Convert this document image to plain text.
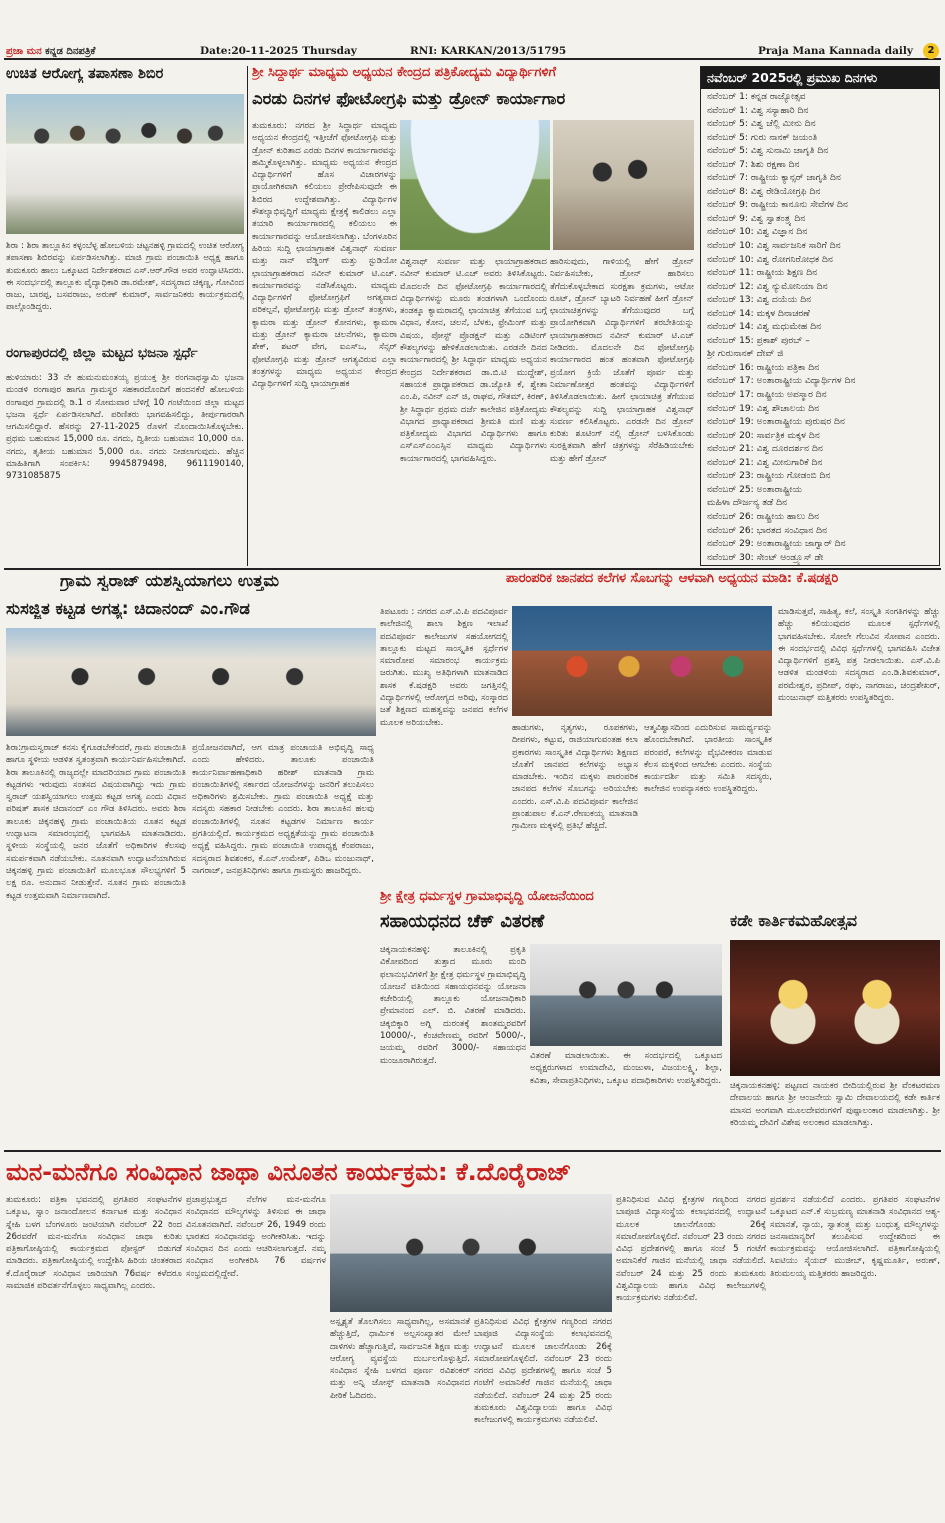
ಪ್ರಜಾ ಮನ ಕನ್ನಡ ದಿನಪತ್ರಿಕೆ	Date:20-11-2025 Thursday	RNI: KARKAN/2013/51795	Praja Mana Kannada daily	2
ಉಚಿತ ಆರೋಗ್ಯ ತಪಾಸಣಾ ಶಿಬಿರ
ಶಿರಾ : ಶಿರಾ ತಾಲ್ಲೂಕಿನ ಕಳ್ಳಂಬೆಳ್ಳ ಹೋಬಳಿಯ ಚಟ್ಟನಹಳ್ಳಿ ಗ್ರಾಮದಲ್ಲಿ ಉಚಿತ ಆರೋಗ್ಯ ತಪಾಸಣಾ ಶಿಬಿರವನ್ನು ಏರ್ಪಡಿಸಲಾಗಿತ್ತು. ಮಾಜಿ ಗ್ರಾಮ ಪಂಚಾಯಿತಿ ಅಧ್ಯಕ್ಷ ಹಾಗೂ ತುಮಕೂರು ಹಾಲು ಒಕ್ಕೂಟದ ನಿರ್ದೇಶಕರಾದ ಎಸ್.ಆರ್.ಗೌಡ ಅವರ ಉದ್ಘಾಟಿಸಿದರು. ಈ ಸಂದರ್ಭದಲ್ಲಿ ತಾಲ್ಲೂಕು ವೈದ್ಯಾಧಿಕಾರಿ ಡಾ.ರಮೇಶ್, ಸದಸ್ಯರಾದ ಚಿಕ್ಕಣ್ಣ, ಗೋವಿಂದ ರಾಜು, ಬಾರಪ್ಪ, ಬಸವರಾಜು, ಅರುಣ್ ಕುಮಾರ್, ಸಾರ್ವಜನಿಕರು ಕಾರ್ಯಕ್ರಮದಲ್ಲಿ ಪಾಲ್ಗೊಂಡಿದ್ದರು.
ರಂಗಾಪುರದಲ್ಲಿ ಜಿಲ್ಲಾ ಮಟ್ಟದ ಭಜನಾ ಸ್ಪರ್ಧೆ
ಹುಳಿಯಾರು: 33 ನೇ ಹುಮನುಮಂತಯ್ಯ ಪ್ರಯುಕ್ತ ಶ್ರೀ ರಂಗನಾಥಸ್ವಾಮಿ ಭಜನಾ ಮಂಡಳಿ ರಂಗಾಪುರ ಹಾಗೂ ಗ್ರಾಮಸ್ಥರ ಸಹಕಾರದೊಂದಿಗೆ ಹಂದನಕೆರೆ ಹೋಬಳಿಯ ರಂಗಾಪುರ ಗ್ರಾಮದಲ್ಲಿ ಡಿ.1 ರ ಸೋಮವಾರ ಬೆಳಿಗ್ಗೆ 10 ಗಂಟೆಯಿಂದ ಜಿಲ್ಲಾ ಮಟ್ಟದ ಭಜನಾ ಸ್ಪರ್ಧೆ ಏರ್ಪಡಿಸಲಾಗಿದೆ. ಪರಿಣಿತರು ಭಾಗವಹಿಸಲಿದ್ದು, ತೀರ್ಪುಗಾರರಾಗಿ ಆಗಮಿಸಲಿದ್ದಾರೆ. ಹೆಸರನ್ನು 27-11-2025 ರೊಳಗೆ ನೊಂದಾಯಿಸಿಕೊಳ್ಳಬೇಕು. ಪ್ರಥಮ ಬಹುಮಾನ 15,000 ರೂ. ನಗದು, ದ್ವಿತೀಯ ಬಹುಮಾನ 10,000 ರೂ. ನಗದು, ತೃತೀಯ ಬಹುಮಾನ 5,000 ರೂ. ನಗದು ನೀಡಲಾಗುವುದು. ಹೆಚ್ಚಿನ ಮಾಹಿತಿಗಾಗಿ ಸಂಪರ್ಕಿಸಿ: 9945879498, 9611190140, 9731085875
ಶ್ರೀ ಸಿದ್ಧಾರ್ಥ ಮಾಧ್ಯಮ ಅಧ್ಯಯನ ಕೇಂದ್ರದ ಪತ್ರಿಕೋದ್ಯಮ ವಿದ್ಯಾರ್ಥಿಗಳಿಗೆ
ಎರಡು ದಿನಗಳ ಫೋಟೋಗ್ರಫಿ ಮತ್ತು ಡ್ರೋನ್ ಕಾರ್ಯಾಗಾರ
ತುಮಕೂರು: ನಗರದ ಶ್ರೀ ಸಿದ್ಧಾರ್ಥ ಮಾಧ್ಯಮ ಅಧ್ಯಯನ ಕೇಂದ್ರದಲ್ಲಿ ಇತ್ತೀಚೆಗೆ ಫೋಟೋಗ್ರಫಿ ಮತ್ತು ಡ್ರೋನ್ ಕುರಿತಾದ ಎರಡು ದಿನಗಳ ಕಾರ್ಯಾಗಾರವನ್ನು ಹಮ್ಮಿಕೊಳ್ಳಲಾಗಿತ್ತು. ಮಾಧ್ಯಮ ಅಧ್ಯಯನ ಕೇಂದ್ರದ ವಿದ್ಯಾರ್ಥಿಗಳಿಗೆ ಹೊಸ ವಿಚಾರಗಳನ್ನು ಪ್ರಾಯೋಗಿಕವಾಗಿ ಕಲಿಯಲು ಪ್ರೇರೇಪಿಸುವುದೇ ಈ ಶಿಬಿರದ ಉದ್ದೇಶವಾಗಿತ್ತು. ವಿದ್ಯಾರ್ಥಿಗಳ ಕೌಶಲ್ಯಾಭಿವೃದ್ಧಿಗೆ ಮಾಧ್ಯಮ ಕ್ಷೇತ್ರಕ್ಕೆ ಕಾಲಿಡಲು ಎಲ್ಲಾ ತಯಾರಿ ಕಾರ್ಯಾಗಾರದಲ್ಲಿ ಕಲಿಯಲು ಈ ಕಾರ್ಯಾಗಾರವನ್ನು ಆಯೋಜಿಸಲಾಗಿತ್ತು. ಬೆಂಗಳೂರಿನ ಹಿರಿಯ ಸುದ್ದಿ ಛಾಯಾಗ್ರಾಹಕ ವಿಶ್ವನಾಥ್ ಸುವರ್ಣ ಮತ್ತು ನಾನ್ ವೆಡ್ಡಿಂಗ್ ಮತ್ತು ಸ್ಟುಡಿಯೋ ಛಾಯಾಗ್ರಾಹಕರಾದ ನವೀನ್ ಕುಮಾರ್ ಟಿ.ಎಚ್. ಕಾರ್ಯಾಗಾರವನ್ನು ನಡೆಸಿಕೊಟ್ಟರು. ಮಾಧ್ಯಮ ವಿದ್ಯಾರ್ಥಿಗಳಿಗೆ ಫೋಟೋಗ್ರಫಿಗೆ ಅಗತ್ಯವಾದ ಪರಿಕಲ್ಪನೆ, ಫೋಟೋಗ್ರಫಿ ಮತ್ತು ಡ್ರೋನ್ ತಂತ್ರಗಳು, ಕ್ಯಾಮರಾ ಮತ್ತು ಡ್ರೋನ್ ಕೋನಗಳು, ಕ್ಯಾಮರಾ ಮತ್ತು ಡ್ರೋನ್ ಕ್ಯಾಮರಾ ಚಲನೆಗಳು, ಕ್ಯಾಮರಾ ಶೇಕ್, ಶಟರ್ ವೇಗ, ಐಎಸ್ಒ, ಸೆನ್ಸರ್ ಫೋಟೋಗ್ರಫಿ ಮತ್ತು ಡ್ರೋನ್ ಆಗತ್ಯವಿರುವ ಎಲ್ಲಾ ತಂತ್ರಗಳನ್ನು ಮಾಧ್ಯಮ ಅಧ್ಯಯನ ಕೇಂದ್ರದ ವಿದ್ಯಾರ್ಥಿಗಳಿಗೆ ಸುದ್ದಿ ಛಾಯಾಗ್ರಾಹಕ
ವಿಶ್ವನಾಥ್ ಸುವರ್ಣ ಮತ್ತು ಛಾಯಾಗ್ರಾಹಕರಾದ ನವೀನ್ ಕುಮಾರ್ ಟಿ.ಎಚ್ ಅವರು ತಿಳಿಸಿಕೊಟ್ಟರು. ಮೊದಲನೇ ದಿನ ಫೋಟೋಗ್ರಫಿ ಕಾರ್ಯಾಗಾರದಲ್ಲಿ ವಿದ್ಯಾರ್ಥಿಗಳನ್ನು ಮೂರು ತಂಡಗಳಾಗಿ ಒಂದೊಂದು ತಂಡಕ್ಕೂ ಕ್ಯಾಮರಾದಲ್ಲಿ ಛಾಯಾಚಿತ್ರ ತೆಗೆಯುವ ಬಗ್ಗೆ ವಿಧಾನ, ಕೋನ, ಚಲನೆ, ಬೆಳಕು, ಫ್ರೇಮಿಂಗ್ ಮತ್ತು ವಿಷಯ, ಪೋಸ್ಟ್ ಪ್ರೊಡಕ್ಷನ್ ಮತ್ತು ಎಡಿಟಿಂಗ್ ಕೌಶಲ್ಯಗಳನ್ನು ಹೇಳಿಕೊಡಲಾಯಿತು. ಎರಡನೇ ದಿನದ ಕಾರ್ಯಾಗಾರದಲ್ಲಿ ಶ್ರೀ ಸಿದ್ಧಾರ್ಥ ಮಾಧ್ಯಮ ಅಧ್ಯಯನ ಕೇಂದ್ರದ ನಿರ್ದೇಶಕರಾದ ಡಾ.ಬಿ.ಟಿ ಮುದ್ದೇಶ್, ಸಹಾಯಕ ಪ್ರಾಧ್ಯಾಪಕರಾದ ಡಾ.ಜ್ಯೋತಿ ಕೆ, ಶ್ವೇತಾ ಎಂ.ಪಿ, ನವೀನ್ ಎನ್ ಜಿ, ರಾಘವ, ಗೌತಮ್, ಕಿರಣ್, ಶ್ರೀ ಸಿದ್ಧಾರ್ಥ ಪ್ರಥಮ ದರ್ಜೆ ಕಾಲೇಜಿನ ಪತ್ರಿಕೋದ್ಯಮ ವಿಭಾಗದ ಪ್ರಾಧ್ಯಾಪಕರಾದ ಶ್ರೀಮತಿ ಮಣಿ ಮತ್ತು ಪತ್ರಿಕೋದ್ಯಮ ವಿಭಾಗದ ವಿದ್ಯಾರ್ಥಿಗಳು ಹಾಗೂ ಎಸ್ಎಸ್ಎಂಎಸ್ಸಿನ ಮಾಧ್ಯಮ ವಿದ್ಯಾರ್ಥಿಗಳು ಕಾರ್ಯಾಗಾರದಲ್ಲಿ ಭಾಗವಹಿಸಿದ್ದರು.
ಹಾರಿಸುವುದು, ಗಾಳಿಯಲ್ಲಿ ಹೇಗೆ ಡ್ರೋನ್ ನಿರ್ವಹಿಸಬೇಕು, ಡ್ರೋನ್ ಹಾರಿಸಲು ತೆಗೆದುಕೊಳ್ಳಬೇಕಾದ ಸುರಕ್ಷತಾ ಕ್ರಮಗಳು, ಆಟೋ ರೂಟ್, ಡ್ರೋನ್ ಬ್ಯಾಟರಿ ನಿರ್ವಹಣೆ ಹೀಗೆ ಡ್ರೋನ್ ಛಾಯಾಚಿತ್ರಗಳನ್ನು ತೆಗೆಯುವುದರ ಬಗ್ಗೆ ಪ್ರಾಯೋಗಿಕವಾಗಿ ವಿದ್ಯಾರ್ಥಿಗಳಿಗೆ ತರಬೇತಿಯನ್ನು ಛಾಯಾಗ್ರಾಹಕರಾದ ನವೀನ್ ಕುಮಾರ್ ಟಿ.ಎಚ್ ನೀಡಿದರು. ಮೊದಲನೇ ದಿನ ಫೋಟೋಗ್ರಫಿ ಕಾರ್ಯಾಗಾರದ ಹಂತ ಹಂತವಾಗಿ ಫೋಟೋಗ್ರಫಿ ಪ್ರಯೋಗ ಕ್ರಿಯೆ ಜೊತೆಗೆ ಪೂರ್ವ ಮತ್ತು ನಿರ್ಮಾಣೋತ್ತರ ಹಂತವನ್ನು ವಿದ್ಯಾರ್ಥಿಗಳಿಗೆ ತಿಳಿಸಿಕೊಡಲಾಯಿತು. ಹೀಗೆ ಛಾಯಾಚಿತ್ರ ತೆಗೆಯುವ ಕೌಶಲ್ಯವನ್ನು ಸುದ್ದಿ ಛಾಯಾಗ್ರಾಹಕ ವಿಶ್ವನಾಥ್ ಸುವರ್ಣ ಕಲಿಸಿಕೊಟ್ಟರು. ಎರಡನೇ ದಿನ ಡ್ರೋನ್ ಕುರಿತು ಶೂಟಿಂಗ್ ನಲ್ಲಿ ಡ್ರೋನ್ ಬಳಸಿಕೊಂಡು ಸುರಕ್ಷಿತವಾಗಿ ಹೇಗೆ ಚಿತ್ರಗಳನ್ನು ಸೆರೆಹಿಡಿಯಬೇಕು ಮತ್ತು ಹೇಗೆ ಡ್ರೋನ್
ನವೆಂಬರ್ 2025ರಲ್ಲಿ ಪ್ರಮುಖ ದಿನಗಳು
ನವೆಂಬರ್ 1: ಕನ್ನಡ ರಾಜ್ಯೋತ್ಸವ
ನವೆಂಬರ್ 1: ವಿಶ್ವ ಸಸ್ಯಾಹಾರಿ ದಿನ
ನವೆಂಬರ್ 5: ವಿಶ್ವ ಚೆಲ್ಲಿ ಮೀನು ದಿನ
ನವೆಂಬರ್ 5: ಗುರು ನಾನಕ್ ಜಯಂತಿ
ನವೆಂಬರ್ 5: ವಿಶ್ವ ಸುನಾಮಿ ಜಾಗೃತಿ ದಿನ
ನವೆಂಬರ್ 7: ಶಿಶು ರಕ್ಷಣಾ ದಿನ
ನವೆಂಬರ್ 7: ರಾಷ್ಟ್ರೀಯ ಕ್ಯಾನ್ಸರ್ ಜಾಗೃತಿ ದಿನ
ನವೆಂಬರ್ 8: ವಿಶ್ವ ರೇಡಿಯೋಗ್ರಫಿ ದಿನ
ನವೆಂಬರ್ 9: ರಾಷ್ಟ್ರೀಯ ಕಾನೂನು ಸೇವೆಗಳ ದಿನ
ನವೆಂಬರ್ 9: ವಿಶ್ವ ಸ್ವಾತಂತ್ರ್ಯ ದಿನ
ನವೆಂಬರ್ 10: ವಿಶ್ವ ವಿಜ್ಞಾನ ದಿನ
ನವೆಂಬರ್ 10: ವಿಶ್ವ ಸಾರ್ವಜನಿಕ ಸಾರಿಗೆ ದಿನ
ನವೆಂಬರ್ 10: ವಿಶ್ವ ರೋಗನಿರೋಧಕ ದಿನ
ನವೆಂಬರ್ 11: ರಾಷ್ಟ್ರೀಯ ಶಿಕ್ಷಣ ದಿನ
ನವೆಂಬರ್ 12: ವಿಶ್ವ ನ್ಯುಮೋನಿಯಾ ದಿನ
ನವೆಂಬರ್ 13: ವಿಶ್ವ ದಯೆಯ ದಿನ
ನವೆಂಬರ್ 14: ಮಕ್ಕಳ ದಿನಾಚರಣೆ
ನವೆಂಬರ್ 14: ವಿಶ್ವ ಮಧುಮೇಹ ದಿನ
ನವೆಂಬರ್ 15: ಪ್ರಕಾಶ್ ಪುರಬ್ –
ಶ್ರೀ ಗುರುನಾನಕ್ ದೇವ್ ಜಿ
ನವೆಂಬರ್ 16: ರಾಷ್ಟ್ರೀಯ ಪತ್ರಿಕಾ ದಿನ
ನವೆಂಬರ್ 17: ಅಂತಾರಾಷ್ಟ್ರೀಯ ವಿದ್ಯಾರ್ಥಿಗಳ ದಿನ
ನವೆಂಬರ್ 17: ರಾಷ್ಟ್ರೀಯ ಅಪಸ್ಮಾರ ದಿನ
ನವೆಂಬರ್ 19: ವಿಶ್ವ ಶೌಚಾಲಯ ದಿನ
ನವೆಂಬರ್ 19: ಅಂತಾರಾಷ್ಟ್ರೀಯ ಪುರುಷರ ದಿನ
ನವೆಂಬರ್ 20: ಸಾರ್ವತ್ರಿಕ ಮಕ್ಕಳ ದಿನ
ನವೆಂಬರ್ 21: ವಿಶ್ವ ದೂರದರ್ಶನ ದಿನ
ನವೆಂಬರ್ 21: ವಿಶ್ವ ಮೀನುಗಾರಿಕೆ ದಿನ
ನವೆಂಬರ್ 23: ರಾಷ್ಟ್ರೀಯ ಗೋಡಂಬಿ ದಿನ
ನವೆಂಬರ್ 25: ಅಂತಾರಾಷ್ಟ್ರೀಯ
ಮಹಿಳಾ ದೌರ್ಜನ್ಯ ತಡೆ ದಿನ
ನವೆಂಬರ್ 26: ರಾಷ್ಟ್ರೀಯ ಹಾಲು ದಿನ
ನವೆಂಬರ್ 26: ಭಾರತದ ಸಂವಿಧಾನ ದಿನ
ನವೆಂಬರ್ 29: ಅಂತಾರಾಷ್ಟ್ರೀಯ ಜಾಗ್ವಾರ್ ದಿನ
ನವೆಂಬರ್ 30: ಸೇಂಟ್ ಆಂಡ್ರ್ಯೂಸ್ ಡೇ
ಗ್ರಾಮ ಸ್ವರಾಜ್ ಯಶಸ್ವಿಯಾಗಲು ಉತ್ತಮ
ಸುಸಜ್ಜಿತ ಕಟ್ಟಡ ಅಗತ್ಯ: ಚಿದಾನಂದ್ ಎಂ.ಗೌಡ
ಶಿರಾ:ಗ್ರಾಮಸ್ವರಾಜ್ ಕನಸು ಕೈಗೂಡಬೇಕೆಂದರೆ, ಗ್ರಾಮ ಪಂಚಾಯಿತಿ ಹಾಗೂ ಸ್ಥಳೀಯ ಆಡಳಿತ ಸ್ವತಂತ್ರವಾಗಿ ಕಾರ್ಯನಿರ್ವಹಿಸಬೇಕಾಗಿದೆ. ಶಿರಾ ತಾಲೂಕಿನಲ್ಲಿ ರಾಜ್ಯದಲ್ಲೇ ಮಾದರಿಯಾದ ಗ್ರಾಮ ಪಂಚಾಯಿತಿ ಕಟ್ಟಡಗಳು ಇರುವುದು ಸಂತಸದ ವಿಷಯವಾಗಿದ್ದು ಇದು ಗ್ರಾಮ ಸ್ವರಾಜ್ ಯಶಸ್ವಿಯಾಗಲು ಉತ್ತಮ ಕಟ್ಟಡ ಅಗತ್ಯ ಎಂದು ವಿಧಾನ ಪರಿಷತ್ ಶಾಸಕ ಚಿದಾನಂದ್ ಎಂ ಗೌಡ ತಿಳಿಸಿದರು. ಅವರು ಶಿರಾ ತಾಲೂಕು ಚಿಕ್ಕನಹಳ್ಳಿ ಗ್ರಾಮ ಪಂಚಾಯಿತಿಯ ನೂತನ ಕಟ್ಟಡ ಉದ್ಘಾಟನಾ ಸಮಾರಂಭದಲ್ಲಿ ಭಾಗವಹಿಸಿ ಮಾತನಾಡಿದರು. ಸ್ಥಳೀಯ ಸಂಸ್ಥೆಯಲ್ಲಿ ಜನರ ಜೊತೆಗೆ ಅಧಿಕಾರಿಗಳ ಕೆಲಸವು ಸಮರ್ಪಕವಾಗಿ ನಡೆಯಬೇಕು. ನೂತನವಾಗಿ ಉದ್ಘಾಟನೆಯಾಗಿರುವ ಚಿಕ್ಕನಹಳ್ಳಿ ಗ್ರಾಮ ಪಂಚಾಯಿತಿಗೆ ಮೂಲಭೂತ ಸೌಲಭ್ಯಗಳಿಗೆ 5 ಲಕ್ಷ ರೂ. ಅನುದಾನ ನೀಡುತ್ತೇನೆ. ನೂತನ ಗ್ರಾಮ ಪಂಚಾಯಿತಿ ಕಟ್ಟಡ ಉತ್ತಮವಾಗಿ ನಿರ್ಮಾಣವಾಗಿದೆ.
ಪ್ರಯೋಜನವಾಗಿದೆ, ಆಗ ಮಾತ್ರ ಪಂಚಾಯತಿ ಅಭಿವೃದ್ಧಿ ಸಾಧ್ಯ ಎಂದು ಹೇಳಿದರು. ತಾಲೂಕು ಪಂಚಾಯಿತಿ ಕಾರ್ಯನಿರ್ವಾಹಣಾಧಿಕಾರಿ ಹರೀಶ್ ಮಾತನಾಡಿ ಗ್ರಾಮ ಪಂಚಾಯಿತಿಗಳಲ್ಲಿ ಸರ್ಕಾರದ ಯೋಜನೆಗಳನ್ನು ಜನರಿಗೆ ತಲುಪಿಸಲು ಅಧಿಕಾರಿಗಳು ಶ್ರಮಿಸಬೇಕು. ಗ್ರಾಮ ಪಂಚಾಯಿತಿ ಅಧ್ಯಕ್ಷೆ ಮತ್ತು ಸದಸ್ಯರು ಸಹಕಾರ ನೀಡಬೇಕು ಎಂದರು. ಶಿರಾ ತಾಲೂಕಿನ ಹಲವು ಪಂಚಾಯಿತಿಗಳಲ್ಲಿ ನೂತನ ಕಟ್ಟಡಗಳ ನಿರ್ಮಾಣ ಕಾರ್ಯ ಪ್ರಗತಿಯಲ್ಲಿದೆ. ಕಾರ್ಯಕ್ರಮದ ಅಧ್ಯಕ್ಷತೆಯನ್ನು ಗ್ರಾಮ ಪಂಚಾಯಿತಿ ಅಧ್ಯಕ್ಷೆ ವಹಿಸಿದ್ದರು. ಗ್ರಾಮ ಪಂಚಾಯಿತಿ ಉಪಾಧ್ಯಕ್ಷ ಕೆಂಪರಾಜು, ಸದಸ್ಯರಾದ ಶಿವಶಂಕರ, ಕೆ.ಎನ್.ಉಮೇಶ್, ಪಿಡಿಒ ಮಂಜುನಾಥ್, ನಾಗರಾಜ್, ಜನಪ್ರತಿನಿಧಿಗಳು ಹಾಗೂ ಗ್ರಾಮಸ್ಥರು ಹಾಜರಿದ್ದರು.
ಪಾರಂಪರಿಕ ಜಾನಪದ ಕಲೆಗಳ ಸೊಬಗನ್ನು ಆಳವಾಗಿ ಅಧ್ಯಯನ ಮಾಡಿ: ಕೆ.ಷಡಕ್ಷರಿ
ತಿಪಟೂರು : ನಗರದ ಎಸ್.ವಿ.ಪಿ ಪದವಿಪೂರ್ವ ಕಾಲೇಜಿನಲ್ಲಿ ಶಾಲಾ ಶಿಕ್ಷಣ ಇಲಾಖೆ ಪದವಿಪೂರ್ವ ಕಾಲೇಜುಗಳ ಸಹಯೋಗದಲ್ಲಿ ತಾಲ್ಲೂಕು ಮಟ್ಟದ ಸಾಂಸ್ಕೃತಿಕ ಸ್ಪರ್ಧೆಗಳ ಸಮಾರೋಪ ಸಮಾರಂಭ ಕಾರ್ಯಕ್ರಮ ಜರುಗಿತು. ಮುಖ್ಯ ಅತಿಥಿಗಳಾಗಿ ಮಾತನಾಡಿದ ಶಾಸಕ ಕೆ.ಷಡಕ್ಷರಿ ಅವರು ಜಗತ್ತಿನಲ್ಲಿ ವಿದ್ಯಾರ್ಥಿಗಳಲ್ಲಿ ಆರೋಗ್ಯದ ಅರಿವು, ಸಂಸ್ಕಾರದ ಜತೆ ಶಿಕ್ಷಣದ ಮಹತ್ವವನ್ನು ಜನಪದ ಕಲೆಗಳ ಮೂಲಕ ಅರಿಯಬೇಕು.
ಹಾಡುಗಳು, ನೃತ್ಯಗಳು, ರೂಪಕಗಳು, ದೀಪಗಳು, ಕಟ್ಟುವ, ರಾಜಿಯಾಗುವಂತಹ ಕಲಾ ಪ್ರಕಾರಗಳು ಸಾಂಸ್ಕೃತಿಕ ವಿದ್ಯಾರ್ಥಿಗಳು ಶಿಕ್ಷಣದ ಜೊತೆಗೆ ಜಾನಪದ ಕಲೆಗಳನ್ನು ಅಭ್ಯಾಸ ಮಾಡಬೇಕು. ಇಂದಿನ ಮಕ್ಕಳು ಪಾರಂಪರಿಕ ಜಾನಪದ ಕಲೆಗಳ ಸೊಬಗನ್ನು ಅರಿಯಬೇಕು ಎಂದರು. ಎಸ್.ವಿ.ಪಿ ಪದವಿಪೂರ್ವ ಕಾಲೇಜಿನ ಪ್ರಾಂಶುಪಾಲ ಕೆ.ಎನ್.ರೇಣುಕಯ್ಯ ಮಾತನಾಡಿ ಗ್ರಾಮೀಣ ಮಕ್ಕಳಲ್ಲಿ ಪ್ರತಿಭೆ ಹೆಚ್ಚಿದೆ.
ಆತ್ಮವಿಶ್ವಾಸದಿಂದ ಎದುರಿಸುವ ಸಾಮರ್ಥ್ಯವನ್ನು ಹೊಂದಬೇಕಾಗಿದೆ. ಭಾರತೀಯ ಸಾಂಸ್ಕೃತಿಕ ಪರಂಪರೆ, ಕಲೆಗಳನ್ನು ವೈಭವೀಕರಣ ಮಾಡುವ ಕೆಲಸ ಮಕ್ಕಳಿಂದ ಆಗಬೇಕು ಎಂದರು. ಸಂಸ್ಥೆಯ ಕಾರ್ಯದರ್ಶಿ ಮತ್ತು ಸಮಿತಿ ಸದಸ್ಯರು, ಕಾಲೇಜಿನ ಉಪನ್ಯಾಸಕರು ಉಪಸ್ಥಿತರಿದ್ದರು.
ಮಾಡಿಸುತ್ತವೆ, ಸಾಹಿತ್ಯ, ಕಲೆ, ಸಂಸ್ಕೃತಿ ಸಂಗತಿಗಳನ್ನು ಹೆಚ್ಚು ಹೆಚ್ಚು ಕಲಿಯುವುದರ ಮೂಲಕ ಸ್ಪರ್ಧೆಗಳಲ್ಲಿ ಭಾಗವಹಿಸಬೇಕು. ಸೋಲೇ ಗೆಲುವಿನ ಸೋಪಾನ ಎಂದರು. ಈ ಸಂದರ್ಭದಲ್ಲಿ ವಿವಿಧ ಸ್ಪರ್ಧೆಗಳಲ್ಲಿ ಭಾಗವಹಿಸಿ ವಿಜೇತ ವಿದ್ಯಾರ್ಥಿಗಳಿಗೆ ಪ್ರಶಸ್ತಿ ಪತ್ರ ನೀಡಲಾಯಿತು. ಎಸ್.ವಿ.ಪಿ ಆಡಳಿತ ಮಂಡಳಿಯ ಸದಸ್ಯರಾದ ಎಂ.ಡಿ.ಶಿವಕುಮಾರ್, ಪರಮೇಶ್ವರ, ಪ್ರದೀಪ್, ರಘು, ನಾಗರಾಜು, ಚಂದ್ರಶೇಖರ್, ಮಂಜುನಾಥ್ ಮತ್ತಿತರರು ಉಪಸ್ಥಿತರಿದ್ದರು.
ಶ್ರೀ ಕ್ಷೇತ್ರ ಧರ್ಮಸ್ಥಳ ಗ್ರಾಮಾಭಿವೃದ್ಧಿ ಯೋಜನೆಯಿಂದ
ಸಹಾಯಧನದ ಚೆಕ್ ವಿತರಣೆ
ಚಿಕ್ಕನಾಯಕನಹಳ್ಳಿ: ತಾಲೂಕಿನಲ್ಲಿ ಪ್ರಕೃತಿ ವಿಕೋಪದಿಂದ ತುತ್ತಾದ ಮೂರು ಮಂದಿ ಫಲಾನುಭವಿಗಳಿಗೆ ಶ್ರೀ ಕ್ಷೇತ್ರ ಧರ್ಮಸ್ಥಳ ಗ್ರಾಮಾಭಿವೃದ್ಧಿ ಯೋಜನೆ ವತಿಯಿಂದ ಸಹಾಯಧನವನ್ನು ಯೋಜನಾ ಕಚೇರಿಯಲ್ಲಿ ತಾಲ್ಲೂಕು ಯೋಜನಾಧಿಕಾರಿ ಪ್ರೇಮಾನಂದ ಎಲ್. ಬಿ. ವಿತರಣೆ ಮಾಡಿದರು. ಚಿಕ್ಕಬಿಕ್ಕಾರಿ ಅಗ್ನಿ ದುರಂತಕ್ಕೆ ಶಾಂತಮ್ಮರವರಿಗೆ 10000/-, ಕೆಂಚವೇಣಮ್ಮ ರವರಿಗೆ 5000/-, ಜಯಮ್ಮ ರವರಿಗೆ 3000/- ಸಹಾಯಧನ ಮಂಜೂರಾಗಿರುತ್ತದೆ.	ವಿತರಣೆ ಮಾಡಲಾಯಿತು. ಈ ಸಂದರ್ಭದಲ್ಲಿ ಒಕ್ಕೂಟದ ಅಧ್ಯಕ್ಷರುಗಳಾದ ಉಮಾದೇವಿ, ಮಂಜುಳಾ, ವಿಜಯಲಕ್ಷ್ಮಿ, ಶಿಲ್ಪಾ, ಕವಿತಾ, ಸೇವಾಪ್ರತಿನಿಧಿಗಳು, ಒಕ್ಕೂಟ ಪದಾಧಿಕಾರಿಗಳು ಉಪಸ್ಥಿತರಿದ್ದರು.
ಕಡೇ ಕಾರ್ತಿಕಮಹೋತ್ಸವ
ಚಿಕ್ಕನಾಯಕನಹಳ್ಳಿ: ಪಟ್ಟಣದ ನಾಯಕರ ಬೀದಿಯಲ್ಲಿರುವ ಶ್ರೀ ವೆಂಕಟರಮಣ ದೇವಾಲಯ ಹಾಗೂ ಶ್ರೀ ಆಂಜನೇಯ ಸ್ವಾಮಿ ದೇವಾಲಯದಲ್ಲಿ ಕಡೇ ಕಾರ್ತಿಕ ಮಾಸದ ಅಂಗವಾಗಿ ಮೂಲದೇವರುಗಳಿಗೆ ಪುಷ್ಪಾಲಂಕಾರ ಮಾಡಲಾಗಿತ್ತು. ಶ್ರೀ ಕರಿಯಮ್ಮ ದೇವಿಗೆ ವಿಶೇಷ ಅಲಂಕಾರ ಮಾಡಲಾಗಿತ್ತು.
ಮನ-ಮನೆಗೂ ಸಂವಿಧಾನ ಜಾಥಾ ವಿನೂತನ ಕಾರ್ಯಕ್ರಮ: ಕೆ.ದೊರೈರಾಜ್
ತುಮಕೂರು: ಪತ್ರಿಕಾ ಭವನದಲ್ಲಿ ಪ್ರಗತಿಪರ ಸಂಘಟನೆಗಳ ಒಕ್ಕೂಟ, ಸ್ವಾಂ ಜನಾಂದೋಲನ ಕರ್ನಾಟಕ ಮತ್ತು ಸಂವಿಧಾನ ಸ್ನೇಹಿ ಬಳಗ ಬೆಂಗಳೂರು ಜಂಟಿಯಾಗಿ ನವೆಂಬರ್ 22 ರಿಂದ 26ರವರೆಗೆ ಮನ-ಮನೆಗೂ ಸಂವಿಧಾನ ಜಾಥಾ ಕುರಿತು ಪತ್ರಿಕಾಗೋಷ್ಠಿಯಲ್ಲಿ ಕಾರ್ಯಕ್ರಮದ ಪೋಸ್ಟರ್ ಬಿಡುಗಡೆ ಮಾಡಿದರು. ಪತ್ರಿಕಾಗೋಷ್ಠಿಯಲ್ಲಿ ಉದ್ದೇಶಿಸಿ ಹಿರಿಯ ಚಿಂತಕರಾದ ಕೆ.ದೊರೈರಾಜ್ ಸಂವಿಧಾನ ಜಾರಿಯಾಗಿ 76ವರ್ಷ ಕಳೆದರೂ ಸಾಮಾಜಿಕ ಪರಿವರ್ತನೆಗೊಳ್ಳಲು ಸಾಧ್ಯವಾಗಿಲ್ಲ ಎಂದರು.
ಪ್ರಜಾಪ್ರಭುತ್ವದ ನೆಲೆಗಳ ಮನ-ಮನೆಗೂ ಸಂವಿಧಾನದ ಮೌಲ್ಯಗಳನ್ನು ತಿಳಿಸುವ ಈ ಜಾಥಾ ವಿನೂತನವಾಗಿದೆ. ನವೆಂಬರ್ 26, 1949 ರಂದು ಭಾರತದ ಸಂವಿಧಾನವನ್ನು ಅಂಗೀಕರಿಸಿತು. ಇದನ್ನು ಸಂವಿಧಾನ ದಿನ ಎಂದು ಆಚರಿಸಲಾಗುತ್ತದೆ. ನಮ್ಮ ಸಂವಿಧಾನ ಅಂಗೀಕರಿಸಿ 76 ವರ್ಷಗಳ ಸಂಭ್ರಮದಲ್ಲಿದ್ದೇವೆ.
ಅಸ್ಪೃಶ್ಯತೆ ತೊಲಗಿಸಲು ಸಾಧ್ಯವಾಗಿಲ್ಲ, ಅಸಮಾನತೆ ಹೆಚ್ಚುತ್ತಿದೆ, ಧಾರ್ಮಿಕ ಅಲ್ಪಸಂಖ್ಯಾತರ ಮೇಲೆ ದಾಳಿಗಳು ಹೆಚ್ಚಾಗುತ್ತಿವೆ, ಸಾರ್ವಜನಿಕ ಶಿಕ್ಷಣ ಮತ್ತು ಆರೋಗ್ಯ ವ್ಯವಸ್ಥೆಯ ದುರ್ಬಲಗೊಳ್ಳುತ್ತಿದೆ. ಸಂವಿಧಾನ ಸ್ನೇಹಿ ಬಳಗದ ಪೂರ್ಣ ರವಿಶಂಕರ್ ಮತ್ತು ಅನ್ನಿ ಜೋಸ್ಫ್ ಮಾತನಾಡಿ ಸಂವಿಧಾನದ ಪೀಠಿಕೆ ಓದಿದರು.
ಪ್ರತಿನಿಧಿಸುವ ವಿವಿಧ ಕ್ಷೇತ್ರಗಳ ಗಣ್ಯರಿಂದ ನಗರದ ಬಾಪೂಜಿ ವಿದ್ಯಾಸಂಸ್ಥೆಯ ಕಲಾಭವನದಲ್ಲಿ ಉದ್ಘಾಟನೆ ಮೂಲಕ ಚಾಲನೆಗೊಂಡು 26ಕ್ಕೆ ಸಮಾರೋಪಗೊಳ್ಳಲಿದೆ. ನವೆಂಬರ್ 23 ರಂದು ನಗರದ ವಿವಿಧ ಪ್ರದೇಶಗಳಲ್ಲಿ ಹಾಗೂ ಸಂಜೆ 5 ಗಂಟೆಗೆ ಅಮಾನಿಕೆರೆ ಗಾಜಿನ ಮನೆಯಲ್ಲಿ ಜಾಥಾ ನಡೆಯಲಿದೆ. ನವೆಂಬರ್ 24 ಮತ್ತು 25 ರಂದು ತುಮಕೂರು ವಿಶ್ವವಿದ್ಯಾಲಯ ಹಾಗೂ ವಿವಿಧ ಕಾಲೇಜುಗಳಲ್ಲಿ ಕಾರ್ಯಕ್ರಮಗಳು ನಡೆಯಲಿವೆ.
ಪ್ರತಿನಿಧಿಸುವ ವಿವಿಧ ಕ್ಷೇತ್ರಗಳ ಗಣ್ಯರಿಂದ ನಗರದ ಬಾಪೂಜಿ ವಿದ್ಯಾಸಂಸ್ಥೆಯ ಕಲಾಭವನದಲ್ಲಿ ಉದ್ಘಾಟನೆ ಮೂಲಕ ಚಾಲನೆಗೊಂಡು 26ಕ್ಕೆ ಸಮಾರೋಪಗೊಳ್ಳಲಿದೆ. ನವೆಂಬರ್ 23 ರಂದು ನಗರದ ವಿವಿಧ ಪ್ರದೇಶಗಳಲ್ಲಿ ಹಾಗೂ ಸಂಜೆ 5 ಗಂಟೆಗೆ ಅಮಾನಿಕೆರೆ ಗಾಜಿನ ಮನೆಯಲ್ಲಿ ಜಾಥಾ ನಡೆಯಲಿದೆ. ನವೆಂಬರ್ 24 ಮತ್ತು 25 ರಂದು ತುಮಕೂರು ವಿಶ್ವವಿದ್ಯಾಲಯ ಹಾಗೂ ವಿವಿಧ ಕಾಲೇಜುಗಳಲ್ಲಿ ಕಾರ್ಯಕ್ರಮಗಳು ನಡೆಯಲಿವೆ.
ಪ್ರದರ್ಶನ ನಡೆಯಲಿದೆ ಎಂದರು. ಪ್ರಗತಿಪರ ಸಂಘಟನೆಗಳ ಒಕ್ಕೂಟದ ಎನ್.ಕೆ ಸುಬ್ರಮಣ್ಯ ಮಾತನಾಡಿ ಸಂವಿಧಾನದ ಆಶ್ಯ-ಸಮಾನತೆ, ನ್ಯಾಯ, ಸ್ವಾತಂತ್ರ್ಯ ಮತ್ತು ಬಂಧುತ್ವ ಮೌಲ್ಯಗಳನ್ನು ಜನಸಾಮಾನ್ಯರಿಗೆ ತಲುಪಿಸುವ ಉದ್ದೇಶದಿಂದ ಈ ಕಾರ್ಯಕ್ರಮವನ್ನು ಆಯೋಜಿಸಲಾಗಿದೆ. ಪತ್ರಿಕಾಗೋಷ್ಠಿಯಲ್ಲಿ ಸಿಐಟಿಯು ಸೈಯದ್ ಮುಜೀಬ್, ಕೃಷ್ಣಮೂರ್ತಿ, ಅರುಣ್, ತಿರುಮಲಯ್ಯ ಮತ್ತಿತರರು ಹಾಜರಿದ್ದರು.
